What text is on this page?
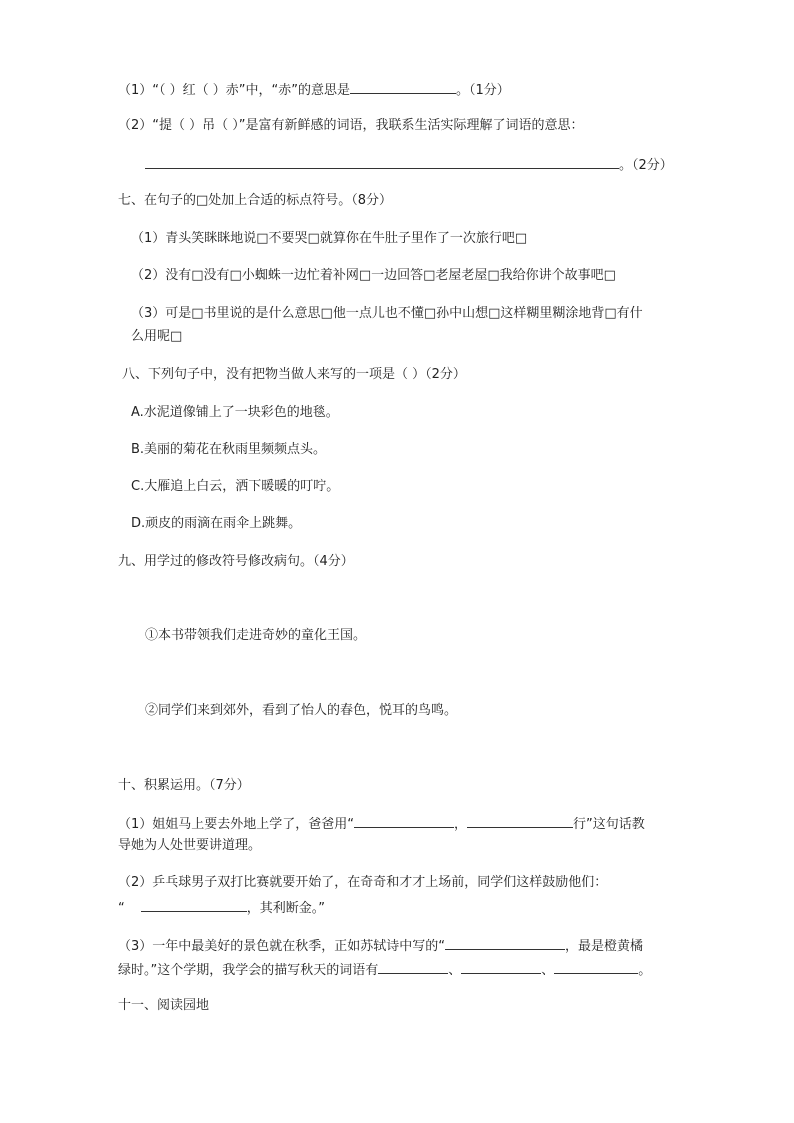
（1）“（ ）红（ ）赤”中，“赤”的意思是	。（1分）
（2）“提（ ）吊（ ）”是富有新鲜感的词语，我联系生活实际理解了词语的意思：
。（2分）
七、在句子的□处加上合适的标点符号。（8分）
（1）青头笑眯眯地说□不要哭□就算你在牛肚子里作了一次旅行吧□
（2）没有□没有□小蜘蛛一边忙着补网□一边回答□老屋老屋□我给你讲个故事吧□
（3）可是□书里说的是什么意思□他一点儿也不懂□孙中山想□这样糊里糊涂地背□有什
么用呢□
八、下列句子中，没有把物当做人来写的一项是（ ）（2分）
A.水泥道像铺上了一块彩色的地毯。
B.美丽的菊花在秋雨里频频点头。
C.大雁追上白云，洒下暖暖的叮咛。
D.顽皮的雨滴在雨伞上跳舞。
九、用学过的修改符号修改病句。（4分）
①本书带领我们走进奇妙的童化王国。
②同学们来到郊外，看到了怡人的春色，悦耳的鸟鸣。
十、积累运用。（7分）
（1）姐姐马上要去外地上学了，爸爸用“	，	行”这句话教
导她为人处世要讲道理。
（2）乒乓球男子双打比赛就要开始了，在奇奇和才才上场前，同学们这样鼓励他们：
“	，其利断金。”
（3）一年中最美好的景色就在秋季，正如苏轼诗中写的“	，最是橙黄橘
绿时。”这个学期，我学会的描写秋天的词语有	、	、	。
十一、阅读园地
